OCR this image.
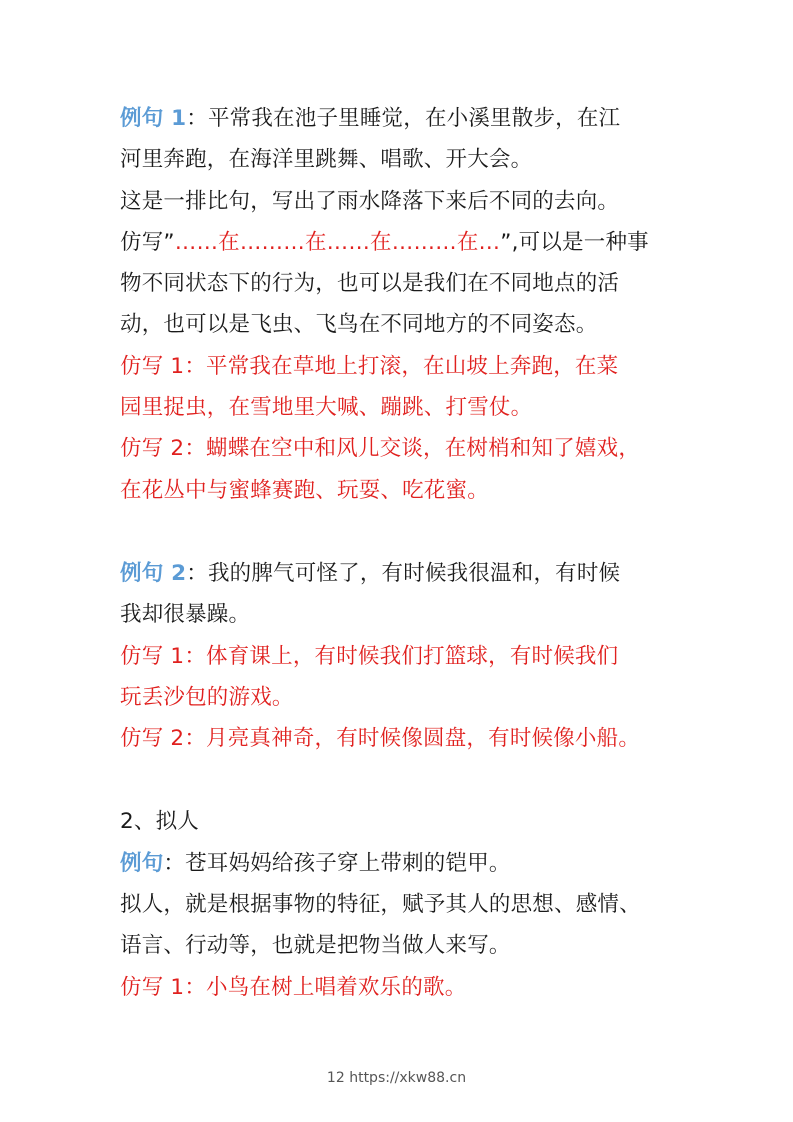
例句 1：平常我在池子里睡觉，在小溪里散步，在江
河里奔跑，在海洋里跳舞、唱歌、开大会。
这是一排比句，写出了雨水降落下来后不同的去向。
仿写”……在………在……在………在…”,可以是一种事
物不同状态下的行为，也可以是我们在不同地点的活
动，也可以是飞虫、飞鸟在不同地方的不同姿态。
仿写 1：平常我在草地上打滚，在山坡上奔跑，在菜
园里捉虫，在雪地里大喊、蹦跳、打雪仗。
仿写 2：蝴蝶在空中和风儿交谈，在树梢和知了嬉戏，
在花丛中与蜜蜂赛跑、玩耍、吃花蜜。
例句 2：我的脾气可怪了，有时候我很温和，有时候
我却很暴躁。
仿写 1：体育课上，有时候我们打篮球，有时候我们
玩丢沙包的游戏。
仿写 2：月亮真神奇，有时候像圆盘，有时候像小船。
2、拟人
例句：苍耳妈妈给孩子穿上带刺的铠甲。
拟人，就是根据事物的特征，赋予其人的思想、感情、
语言、行动等，也就是把物当做人来写。
仿写 1：小鸟在树上唱着欢乐的歌。
12 https://xkw88.cn
